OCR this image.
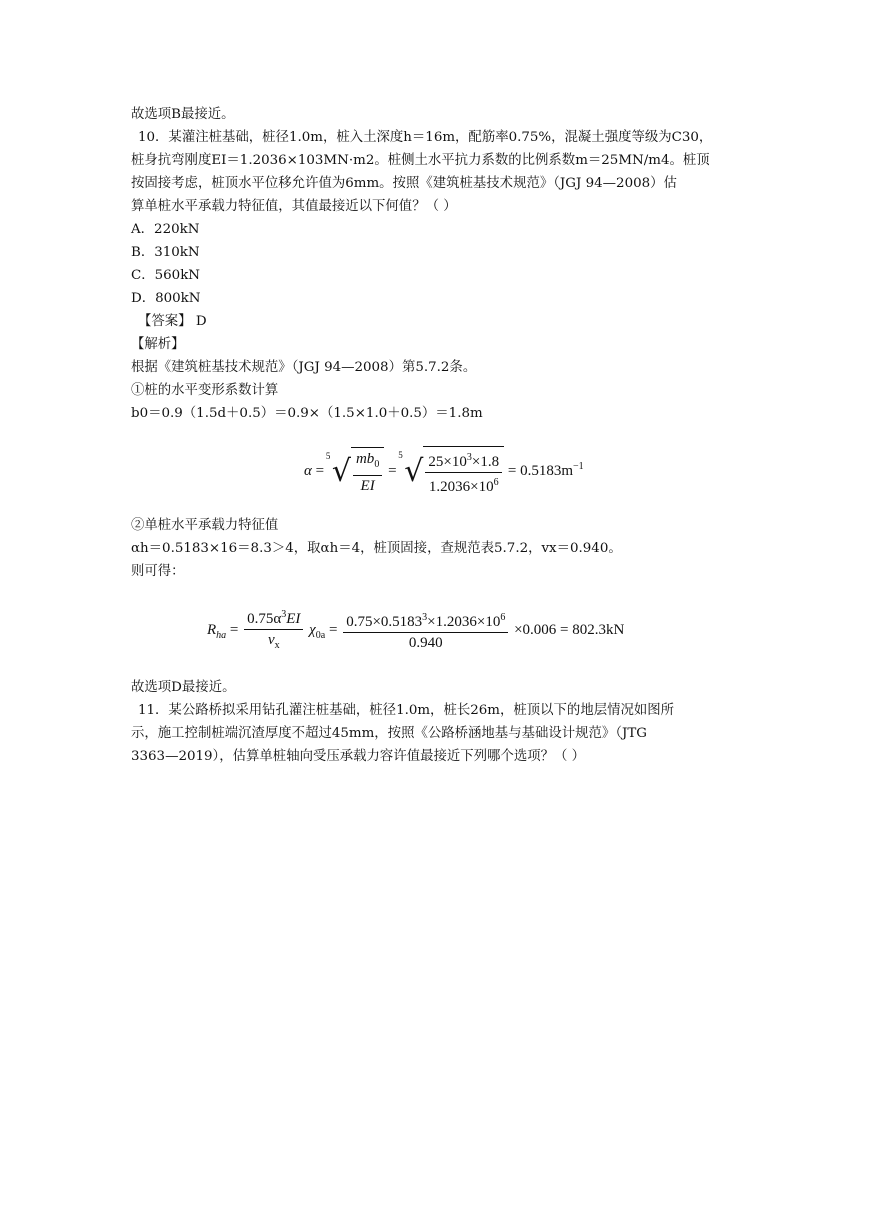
故选项B最接近。
10．某灌注桩基础，桩径1.0m，桩入土深度h＝16m，配筋率0.75%，混凝土强度等级为C30，
桩身抗弯刚度EI＝1.2036×103MN·m2。桩侧土水平抗力系数的比例系数m＝25MN/m4。桩顶
按固接考虑，桩顶水平位移允许值为6mm。按照《建筑桩基技术规范》（JGJ 94—2008）估
算单桩水平承载力特征值，其值最接近以下何值？（ ）
A．220kN
B．310kN
C．560kN
D．800kN
【答案】 D
【解析】
根据《建筑桩基技术规范》（JGJ 94—2008）第5.7.2条。
①桩的水平变形系数计算
b0＝0.9（1.5d＋0.5）＝0.9×（1.5×1.0＋0.5）＝1.8m
α =
5 √ $\frac{mb_0}{EI}$ =
5 √ $\frac{25\times 10^3\times 1.8}{1.2036\times 10^6} = 0.5183m^{-1}$
②单桩水平承载力特征值
αh＝0.5183×16＝8.3＞4，取αh＝4，桩顶固接，查规范表5.7.2，vx＝0.940。
则可得：
$R_{ha} = \frac{0.75\alpha^3EI}{v_x} \chi_{0a} = \frac{0.75\times 0.5183^3\times 1.2036\times 10^6}{0.940} \times 0.006 = 802.3kN$
故选项D最接近。
11．某公路桥拟采用钻孔灌注桩基础，桩径1.0m，桩长26m，桩顶以下的地层情况如图所
示，施工控制桩端沉渣厚度不超过45mm，按照《公路桥涵地基与基础设计规范》（JTG
3363—2019），估算单桩轴向受压承载力容许值最接近下列哪个选项？（ ）
